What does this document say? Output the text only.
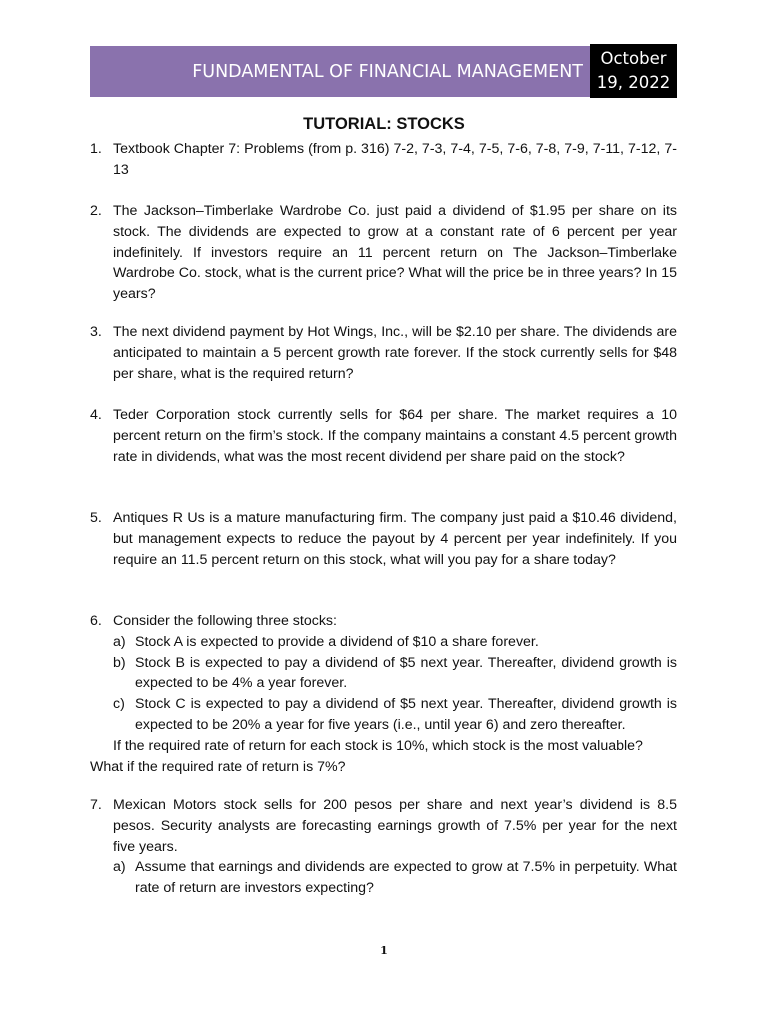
FUNDAMENTAL OF FINANCIAL MANAGEMENT
October
19, 2022
TUTORIAL: STOCKS
1. Textbook Chapter 7: Problems (from p. 316) 7-2, 7-3, 7-4, 7-5, 7-6, 7-8, 7-9, 7-11, 7-12, 7-13
2. The Jackson–Timberlake Wardrobe Co. just paid a dividend of $1.95 per share on its stock. The dividends are expected to grow at a constant rate of 6 percent per year indefinitely. If investors require an 11 percent return on The Jackson–Timberlake Wardrobe Co. stock, what is the current price? What will the price be in three years? In 15 years?
3. The next dividend payment by Hot Wings, Inc., will be $2.10 per share. The dividends are anticipated to maintain a 5 percent growth rate forever. If the stock currently sells for $48 per share, what is the required return?
4. Teder Corporation stock currently sells for $64 per share. The market requires a 10 percent return on the firm’s stock. If the company maintains a constant 4.5 percent growth rate in dividends, what was the most recent dividend per share paid on the stock?
5. Antiques R Us is a mature manufacturing firm. The company just paid a $10.46 dividend, but management expects to reduce the payout by 4 percent per year indefinitely. If you require an 11.5 percent return on this stock, what will you pay for a share today?
6. Consider the following three stocks:
a) Stock A is expected to provide a dividend of $10 a share forever.
b) Stock B is expected to pay a dividend of $5 next year. Thereafter, dividend growth is expected to be 4% a year forever.
c) Stock C is expected to pay a dividend of $5 next year. Thereafter, dividend growth is expected to be 20% a year for five years (i.e., until year 6) and zero thereafter.
If the required rate of return for each stock is 10%, which stock is the most valuable?
What if the required rate of return is 7%?
7. Mexican Motors stock sells for 200 pesos per share and next year’s dividend is 8.5 pesos. Security analysts are forecasting earnings growth of 7.5% per year for the next five years.
a) Assume that earnings and dividends are expected to grow at 7.5% in perpetuity. What rate of return are investors expecting?
1
